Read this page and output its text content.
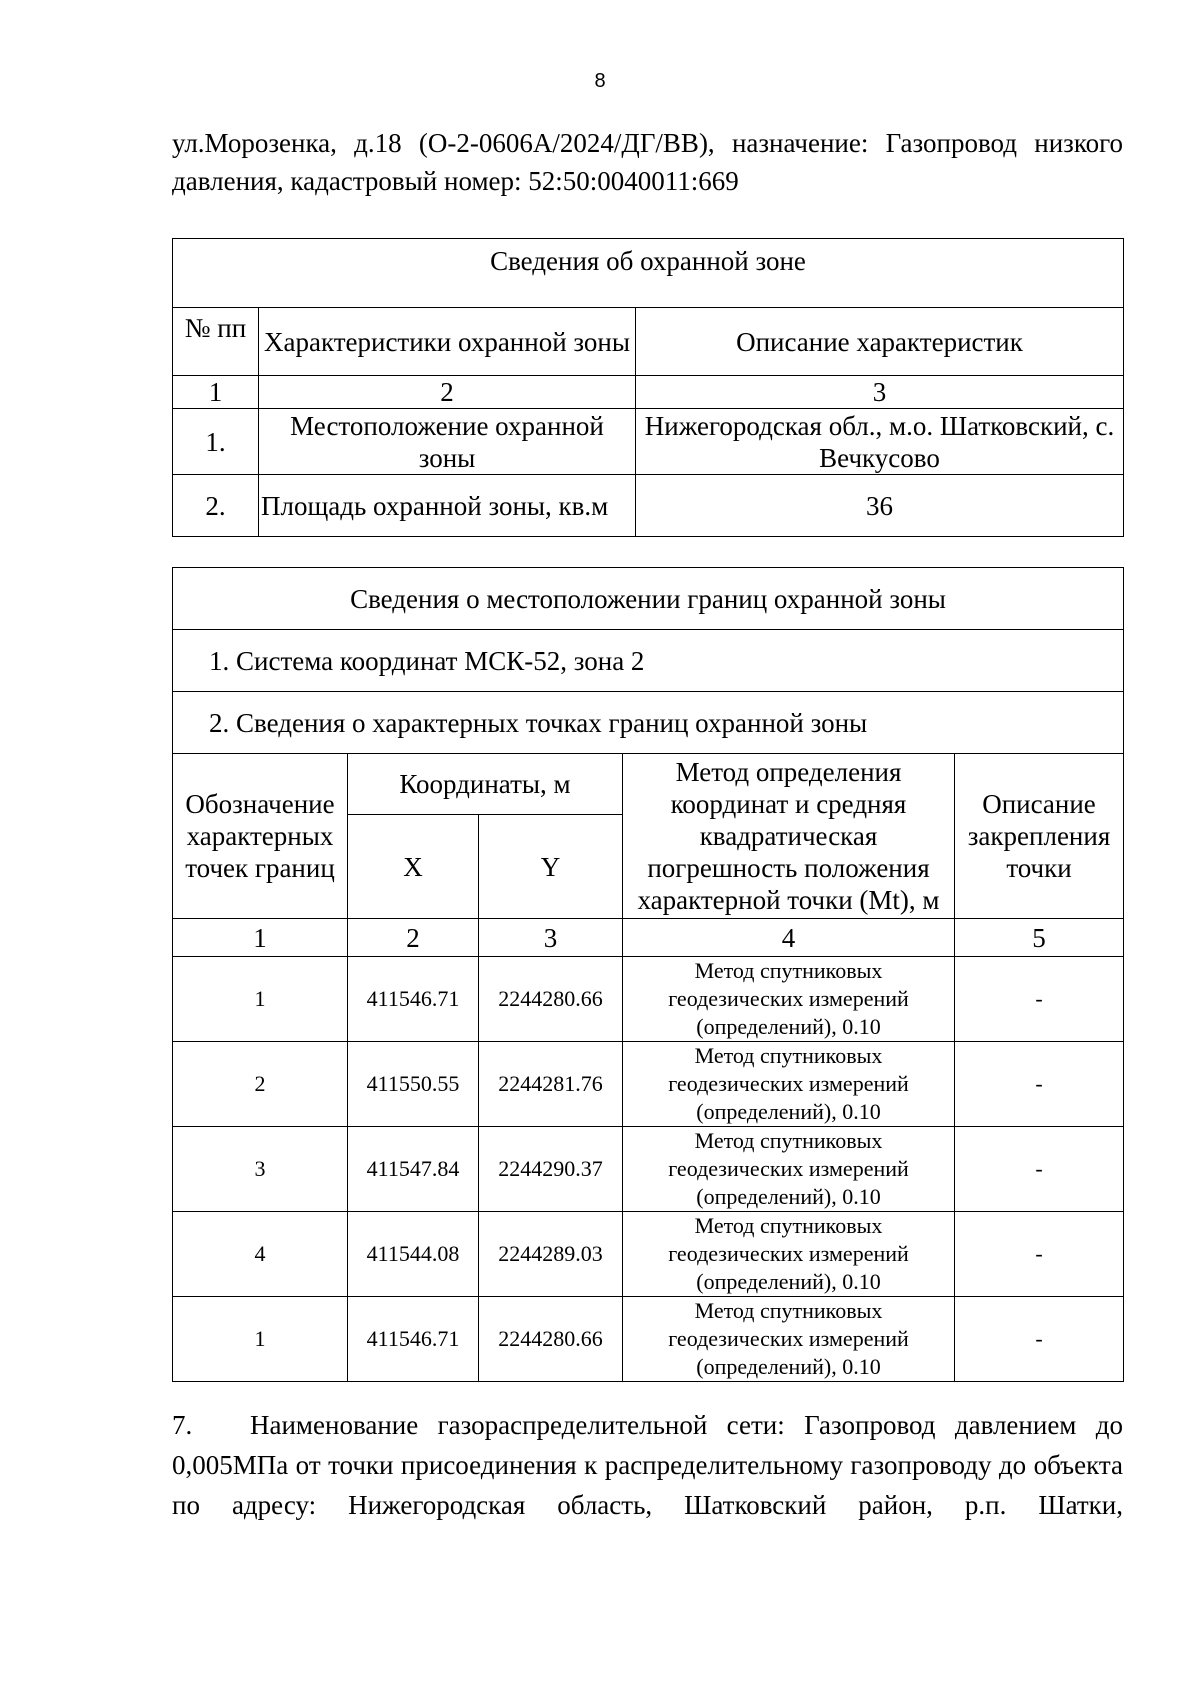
8

ул.Морозенка, д.18 (О-2-0606А/2024/ДГ/ВВ), назначение: Газопровод низкого
давления, кадастровый номер: 52:50:0040011:669

Сведения об охранной зоне		
№ пп	Характеристики охранной зоны	Описание характеристик
1	2	3
1.	Местоположение охранной зоны	Нижегородская обл., м.о. Шатковский, с. Вечкусово
2.	Площадь охранной зоны, кв.м	36
Сведения о местоположении границ охранной зоны				
1. Система координат МСК-52, зона 2				
2. Сведения о характерных точках границ охранной зоны				
Обозначение характерных точек границ	Координаты, м		Метод определения координат и средняя квадратическая погрешность положения характерной точки (Mt), м	Описание закрепления точки
	X	Y		
1	2	3	4	5
1	411546.71	2244280.66	Метод спутниковых геодезических измерений (определений), 0.10	-
2	411550.55	2244281.76	Метод спутниковых геодезических измерений (определений), 0.10	-
3	411547.84	2244290.37	Метод спутниковых геодезических измерений (определений), 0.10	-
4	411544.08	2244289.03	Метод спутниковых геодезических измерений (определений), 0.10	-
1	411546.71	2244280.66	Метод спутниковых геодезических измерений (определений), 0.10	-

7. Наименование газораспределительной сети: Газопровод давлением до 0,005МПа от точки присоединения к распределительному газопроводу до объекта по адресу: Нижегородская область, Шатковский район, р.п. Шатки,
